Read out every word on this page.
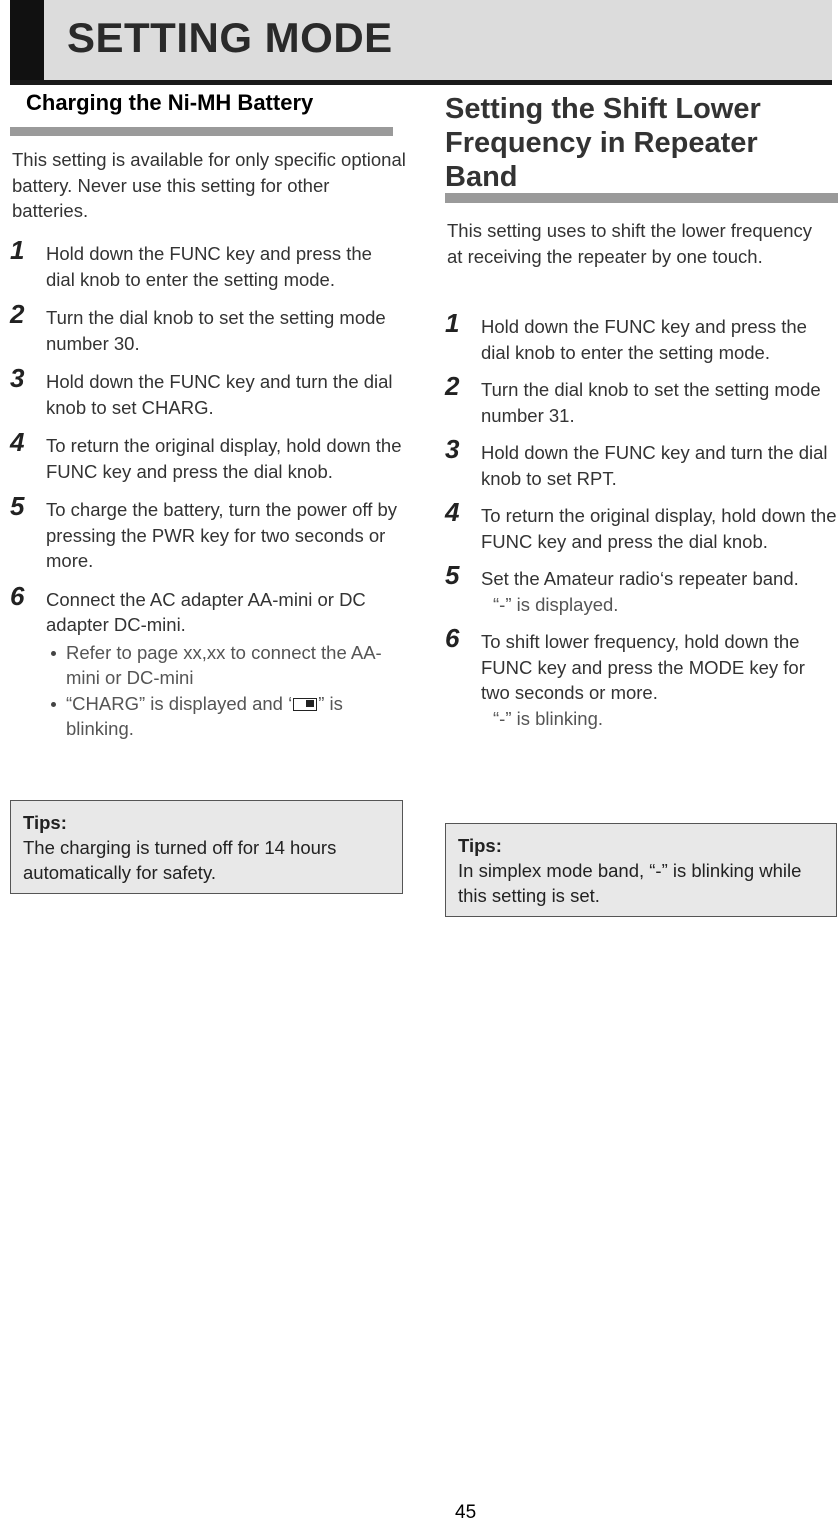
SETTING MODE
Charging the Ni-MH Battery
This setting is available for only specific optional battery. Never use this setting for other batteries.
1 Hold down the FUNC key and press the dial knob to enter the setting mode.
2 Turn the dial knob to set the setting mode number 30.
3 Hold down the FUNC key and turn the dial knob to set CHARG.
4 To return the original display, hold down the FUNC key and press the dial knob.
5 To charge the battery, turn the power off by pressing the PWR key for two seconds or more.
6 Connect the AC adapter AA-mini or DC adapter DC-mini.
Refer to page xx,xx to connect the AA-mini or DC-mini
“CHARG” is displayed and ‘ ” is blinking.
Tips:
The charging is turned off for 14 hours automatically for safety.
Setting the Shift Lower Frequency in Repeater Band
This setting uses to shift the lower frequency at receiving the repeater by one touch.
1 Hold down the FUNC key and press the dial knob to enter the setting mode.
2 Turn the dial knob to set the setting mode number 31.
3 Hold down the FUNC key and turn the dial knob to set RPT.
4 To return the original display, hold down the FUNC key and press the dial knob.
5 Set the Amateur radio‘s repeater band.
“-” is displayed.
6 To shift lower frequency, hold down the FUNC key and press the MODE key for two seconds or more.
“-” is blinking.
Tips:
In simplex mode band, “-” is blinking while this setting is set.
45
